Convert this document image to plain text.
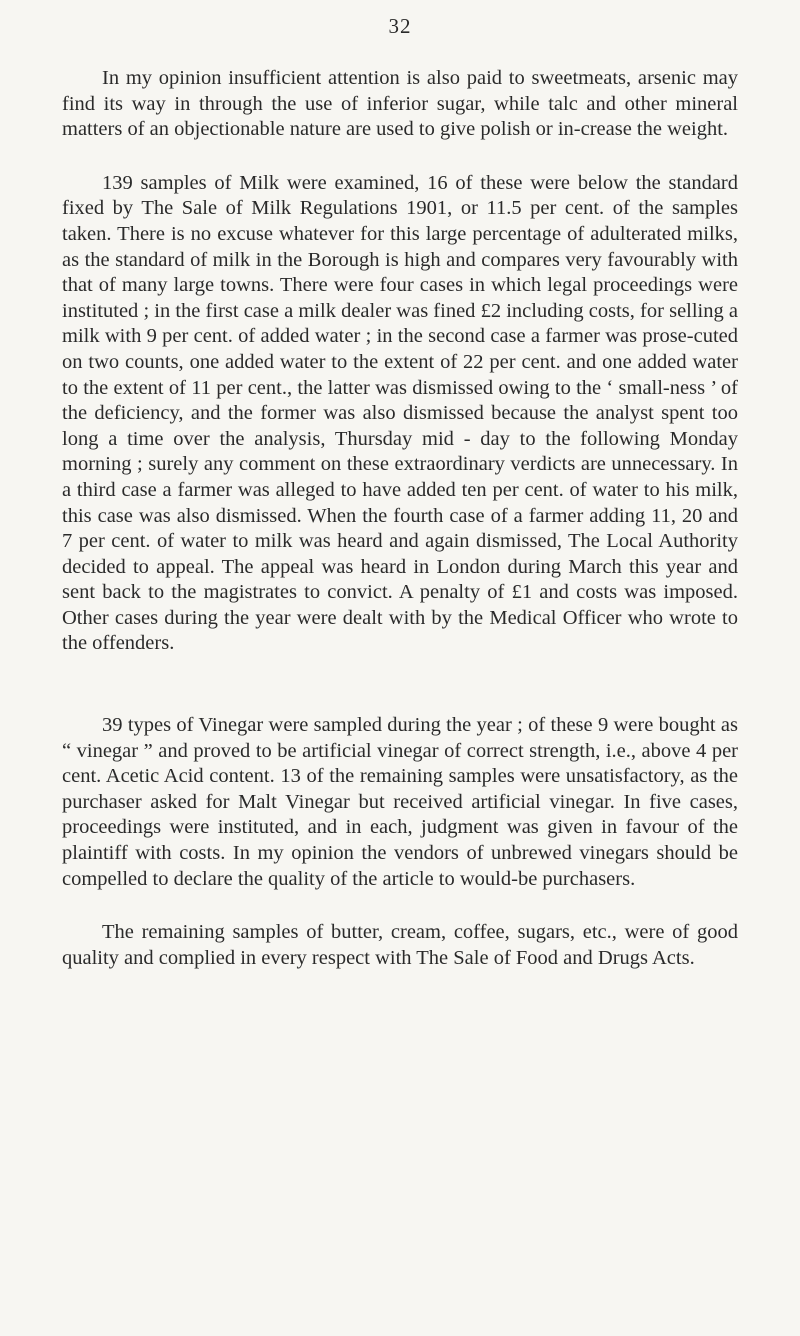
32

In my opinion insufficient attention is also paid to sweetmeats, arsenic may find its way in through the use of inferior sugar, while talc and other mineral matters of an objectionable nature are used to give polish or in-crease the weight.

139 samples of Milk were examined, 16 of these were below the standard fixed by The Sale of Milk Regulations 1901, or 11.5 per cent. of the samples taken. There is no excuse whatever for this large percentage of adulterated milks, as the standard of milk in the Borough is high and compares very favourably with that of many large towns. There were four cases in which legal proceedings were instituted ; in the first case a milk dealer was fined £2 including costs, for selling a milk with 9 per cent. of added water ; in the second case a farmer was prose-cuted on two counts, one added water to the extent of 22 per cent. and one added water to the extent of 11 per cent., the latter was dismissed owing to the ‘ small-ness ’ of the deficiency, and the former was also dismissed because the analyst spent too long a time over the analysis, Thursday mid - day to the following Monday morning ; surely any comment on these extraordinary verdicts are unnecessary. In a third case a farmer was alleged to have added ten per cent. of water to his milk, this case was also dismissed. When the fourth case of a farmer adding 11, 20 and 7 per cent. of water to milk was heard and again dismissed, The Local Authority decided to appeal. The appeal was heard in London during March this year and sent back to the magistrates to convict. A penalty of £1 and costs was imposed. Other cases during the year were dealt with by the Medical Officer who wrote to the offenders.

39 types of Vinegar were sampled during the year ; of these 9 were bought as “ vinegar ” and proved to be artificial vinegar of correct strength, i.e., above 4 per cent. Acetic Acid content. 13 of the remaining samples were unsatisfactory, as the purchaser asked for Malt Vinegar but received artificial vinegar. In five cases, proceedings were instituted, and in each, judgment was given in favour of the plaintiff with costs. In my opinion the vendors of unbrewed vinegars should be compelled to declare the quality of the article to would-be purchasers.

The remaining samples of butter, cream, coffee, sugars, etc., were of good quality and complied in every respect with The Sale of Food and Drugs Acts.
